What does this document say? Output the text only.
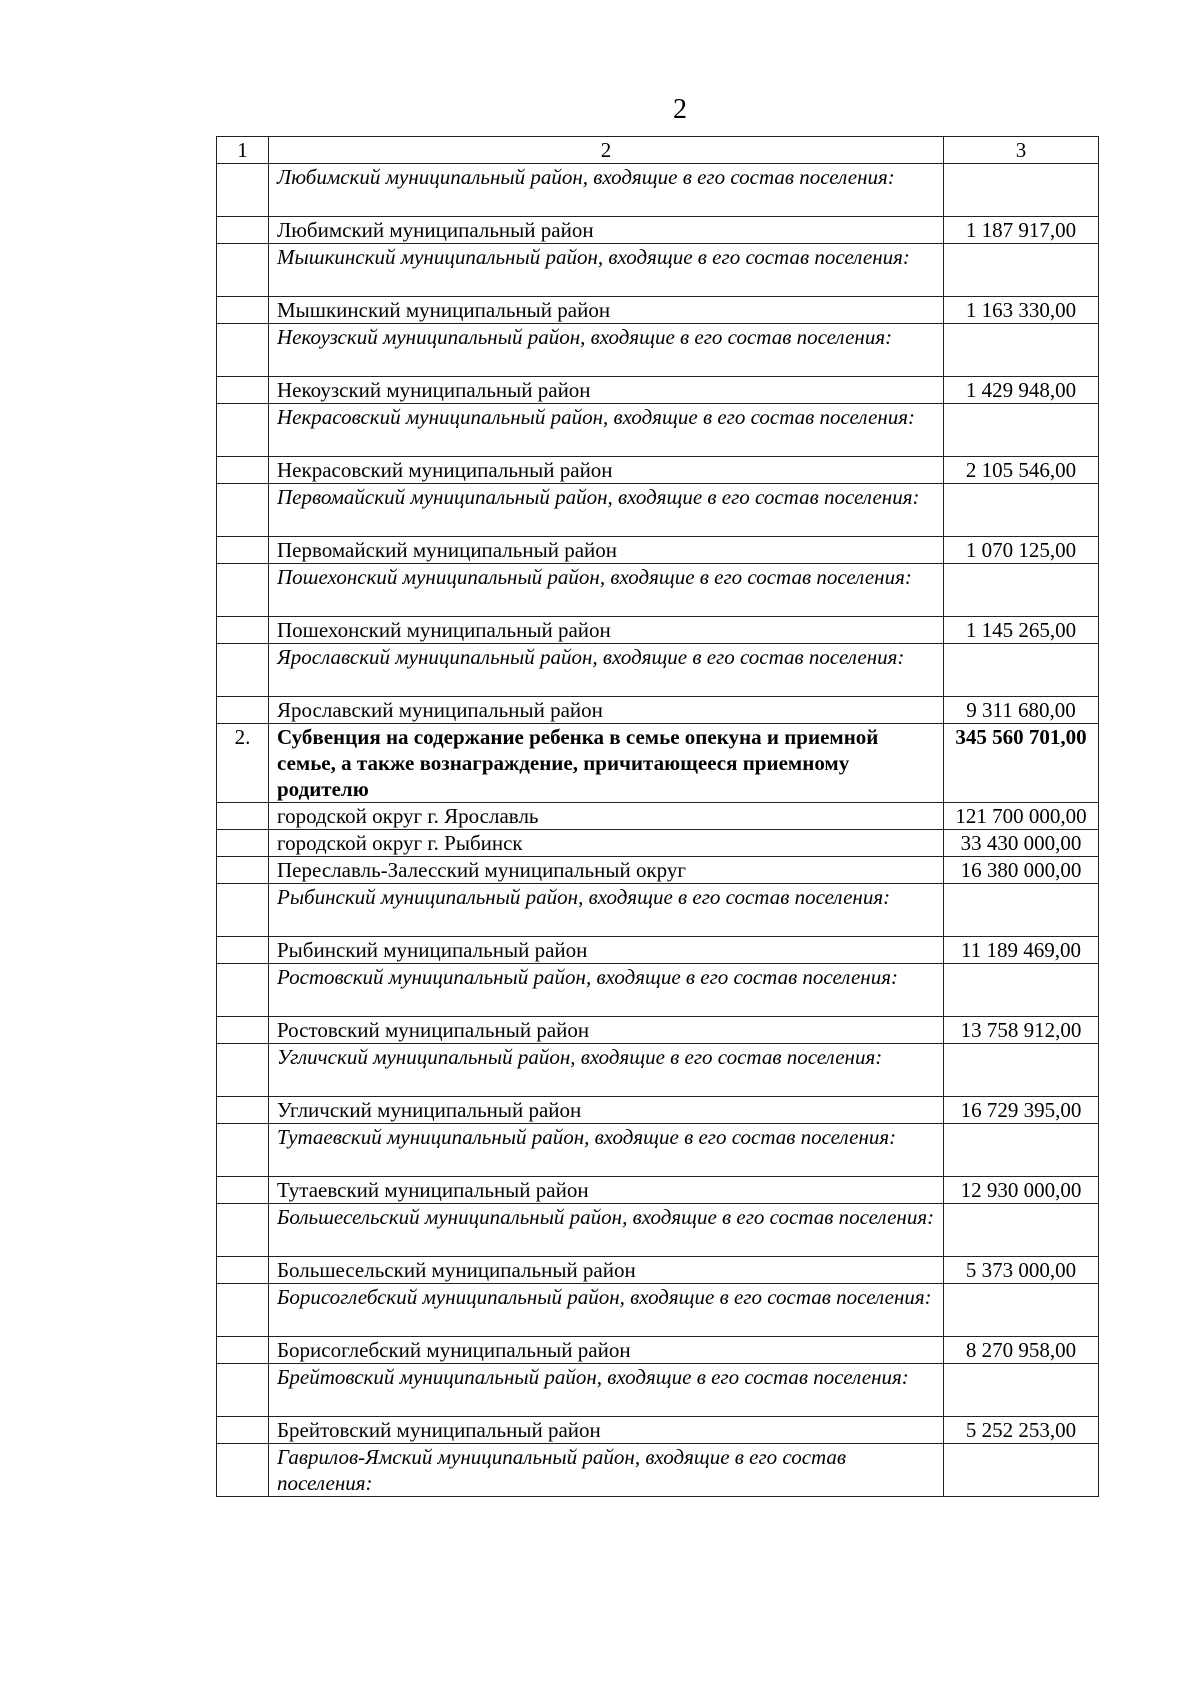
2
1	2	3
	Любимский муниципальный район, входящие в его состав поселения:	
	Любимский муниципальный район	1 187 917,00
	Мышкинский муниципальный район, входящие в его состав поселения:	
	Мышкинский муниципальный район	1 163 330,00
	Некоузский муниципальный район, входящие в его состав поселения:	
	Некоузский муниципальный район	1 429 948,00
	Некрасовский муниципальный район, входящие в его состав поселения:	
	Некрасовский муниципальный район	2 105 546,00
	Первомайский муниципальный район, входящие в его состав поселения:	
	Первомайский муниципальный район	1 070 125,00
	Пошехонский муниципальный район, входящие в его состав поселения:	
	Пошехонский муниципальный район	1 145 265,00
	Ярославский муниципальный район, входящие в его состав поселения:	
	Ярославский муниципальный район	9 311 680,00
2.	Субвенция на содержание ребенка в семье опекуна и приемной семье, а также вознаграждение, причитающееся приемному родителю	345 560 701,00
	городской округ г. Ярославль	121 700 000,00
	городской округ г. Рыбинск	33 430 000,00
	Переславль-Залесский муниципальный округ	16 380 000,00
	Рыбинский муниципальный район, входящие в его состав поселения:	
	Рыбинский муниципальный район	11 189 469,00
	Ростовский муниципальный район, входящие в его состав поселения:	
	Ростовский муниципальный район	13 758 912,00
	Угличский муниципальный район, входящие в его состав поселения:	
	Угличский муниципальный район	16 729 395,00
	Тутаевский муниципальный район, входящие в его состав поселения:	
	Тутаевский муниципальный район	12 930 000,00
	Большесельский муниципальный район, входящие в его состав поселения:	
	Большесельский муниципальный район	5 373 000,00
	Борисоглебский муниципальный район, входящие в его состав поселения:	
	Борисоглебский муниципальный район	8 270 958,00
	Брейтовский муниципальный район, входящие в его состав поселения:	
	Брейтовский муниципальный район	5 252 253,00
	Гаврилов-Ямский муниципальный район, входящие в его состав поселения:	
